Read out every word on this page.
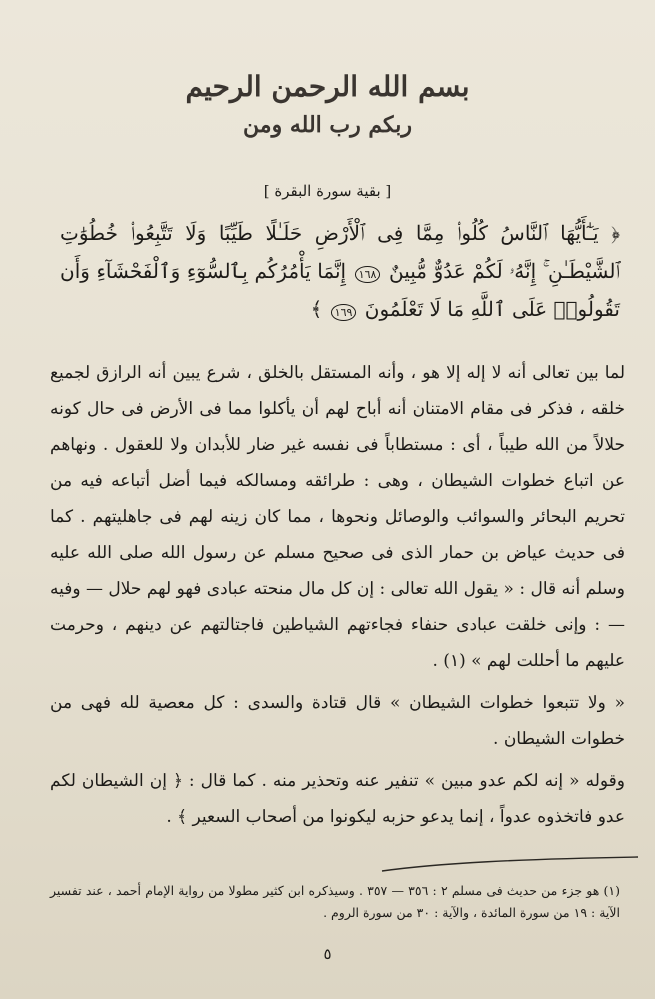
بسم الله الرحمن الرحيم
ربكم رب الله ومن
[ بقية سورة البقرة ]
﴿ يَـٰٓأَيُّهَا ٱلنَّاسُ كُلُوا۟ مِمَّا فِى ٱلْأَرْضِ حَلَـٰلًا طَيِّبًا وَلَا تَتَّبِعُوا۟ خُطُوَٰتِ ٱلشَّيْطَـٰنِ ۚ إِنَّهُۥ لَكُمْ عَدُوٌّ مُّبِينٌ ١٦٨ إِنَّمَا يَأْمُرُكُم بِٱلسُّوٓءِ وَٱلْفَحْشَآءِ وَأَن تَقُولُوا۟ عَلَى ٱللَّهِ مَا لَا تَعْلَمُونَ ١٦٩ ﴾

لما بين تعالى أنه لا إله إلا هو ، وأنه المستقل بالخلق ، شرع يبين أنه الرازق لجميع خلقه ، فذكر فى مقام الامتنان أنه أباح لهم أن يأكلوا مما فى الأرض فى حال كونه حلالاً من الله طيباً ، أى : مستطاباً فى نفسه غير ضار للأبدان ولا للعقول . ونهاهم عن اتباع خطوات الشيطان ، وهى : طرائقه ومسالكه فيما أضل أتباعه فيه من تحريم البحائر والسوائب والوصائل ونحوها ، مما كان زينه لهم فى جاهليتهم . كما فى حديث عياض بن حمار الذى فى صحيح مسلم عن رسول الله صلى الله عليه وسلم أنه قال : « يقول الله تعالى : إن كل مال منحته عبادى فهو لهم حلال — وفيه — : وإنى خلقت عبادى حنفاء فجاءتهم الشياطين فاجتالتهم عن دينهم ، وحرمت عليهم ما أحللت لهم » (١) .

« ولا تتبعوا خطوات الشيطان » قال قتادة والسدى : كل معصية لله فهى من خطوات الشيطان .

وقوله « إنه لكم عدو مبين » تنفير عنه وتحذير منه . كما قال : ﴿ إن الشيطان لكم عدو فاتخذوه عدواً ، إنما يدعو حزبه ليكونوا من أصحاب السعير ﴾ .

(١) هو جزء من حديث فى مسلم ٢ : ٣٥٦ — ٣٥٧ . وسيذكره ابن كثير مطولا من رواية الإمام أحمد ، عند تفسير الآية : ١٩ من سورة المائدة ، والآية : ٣٠ من سورة الروم .

٥
